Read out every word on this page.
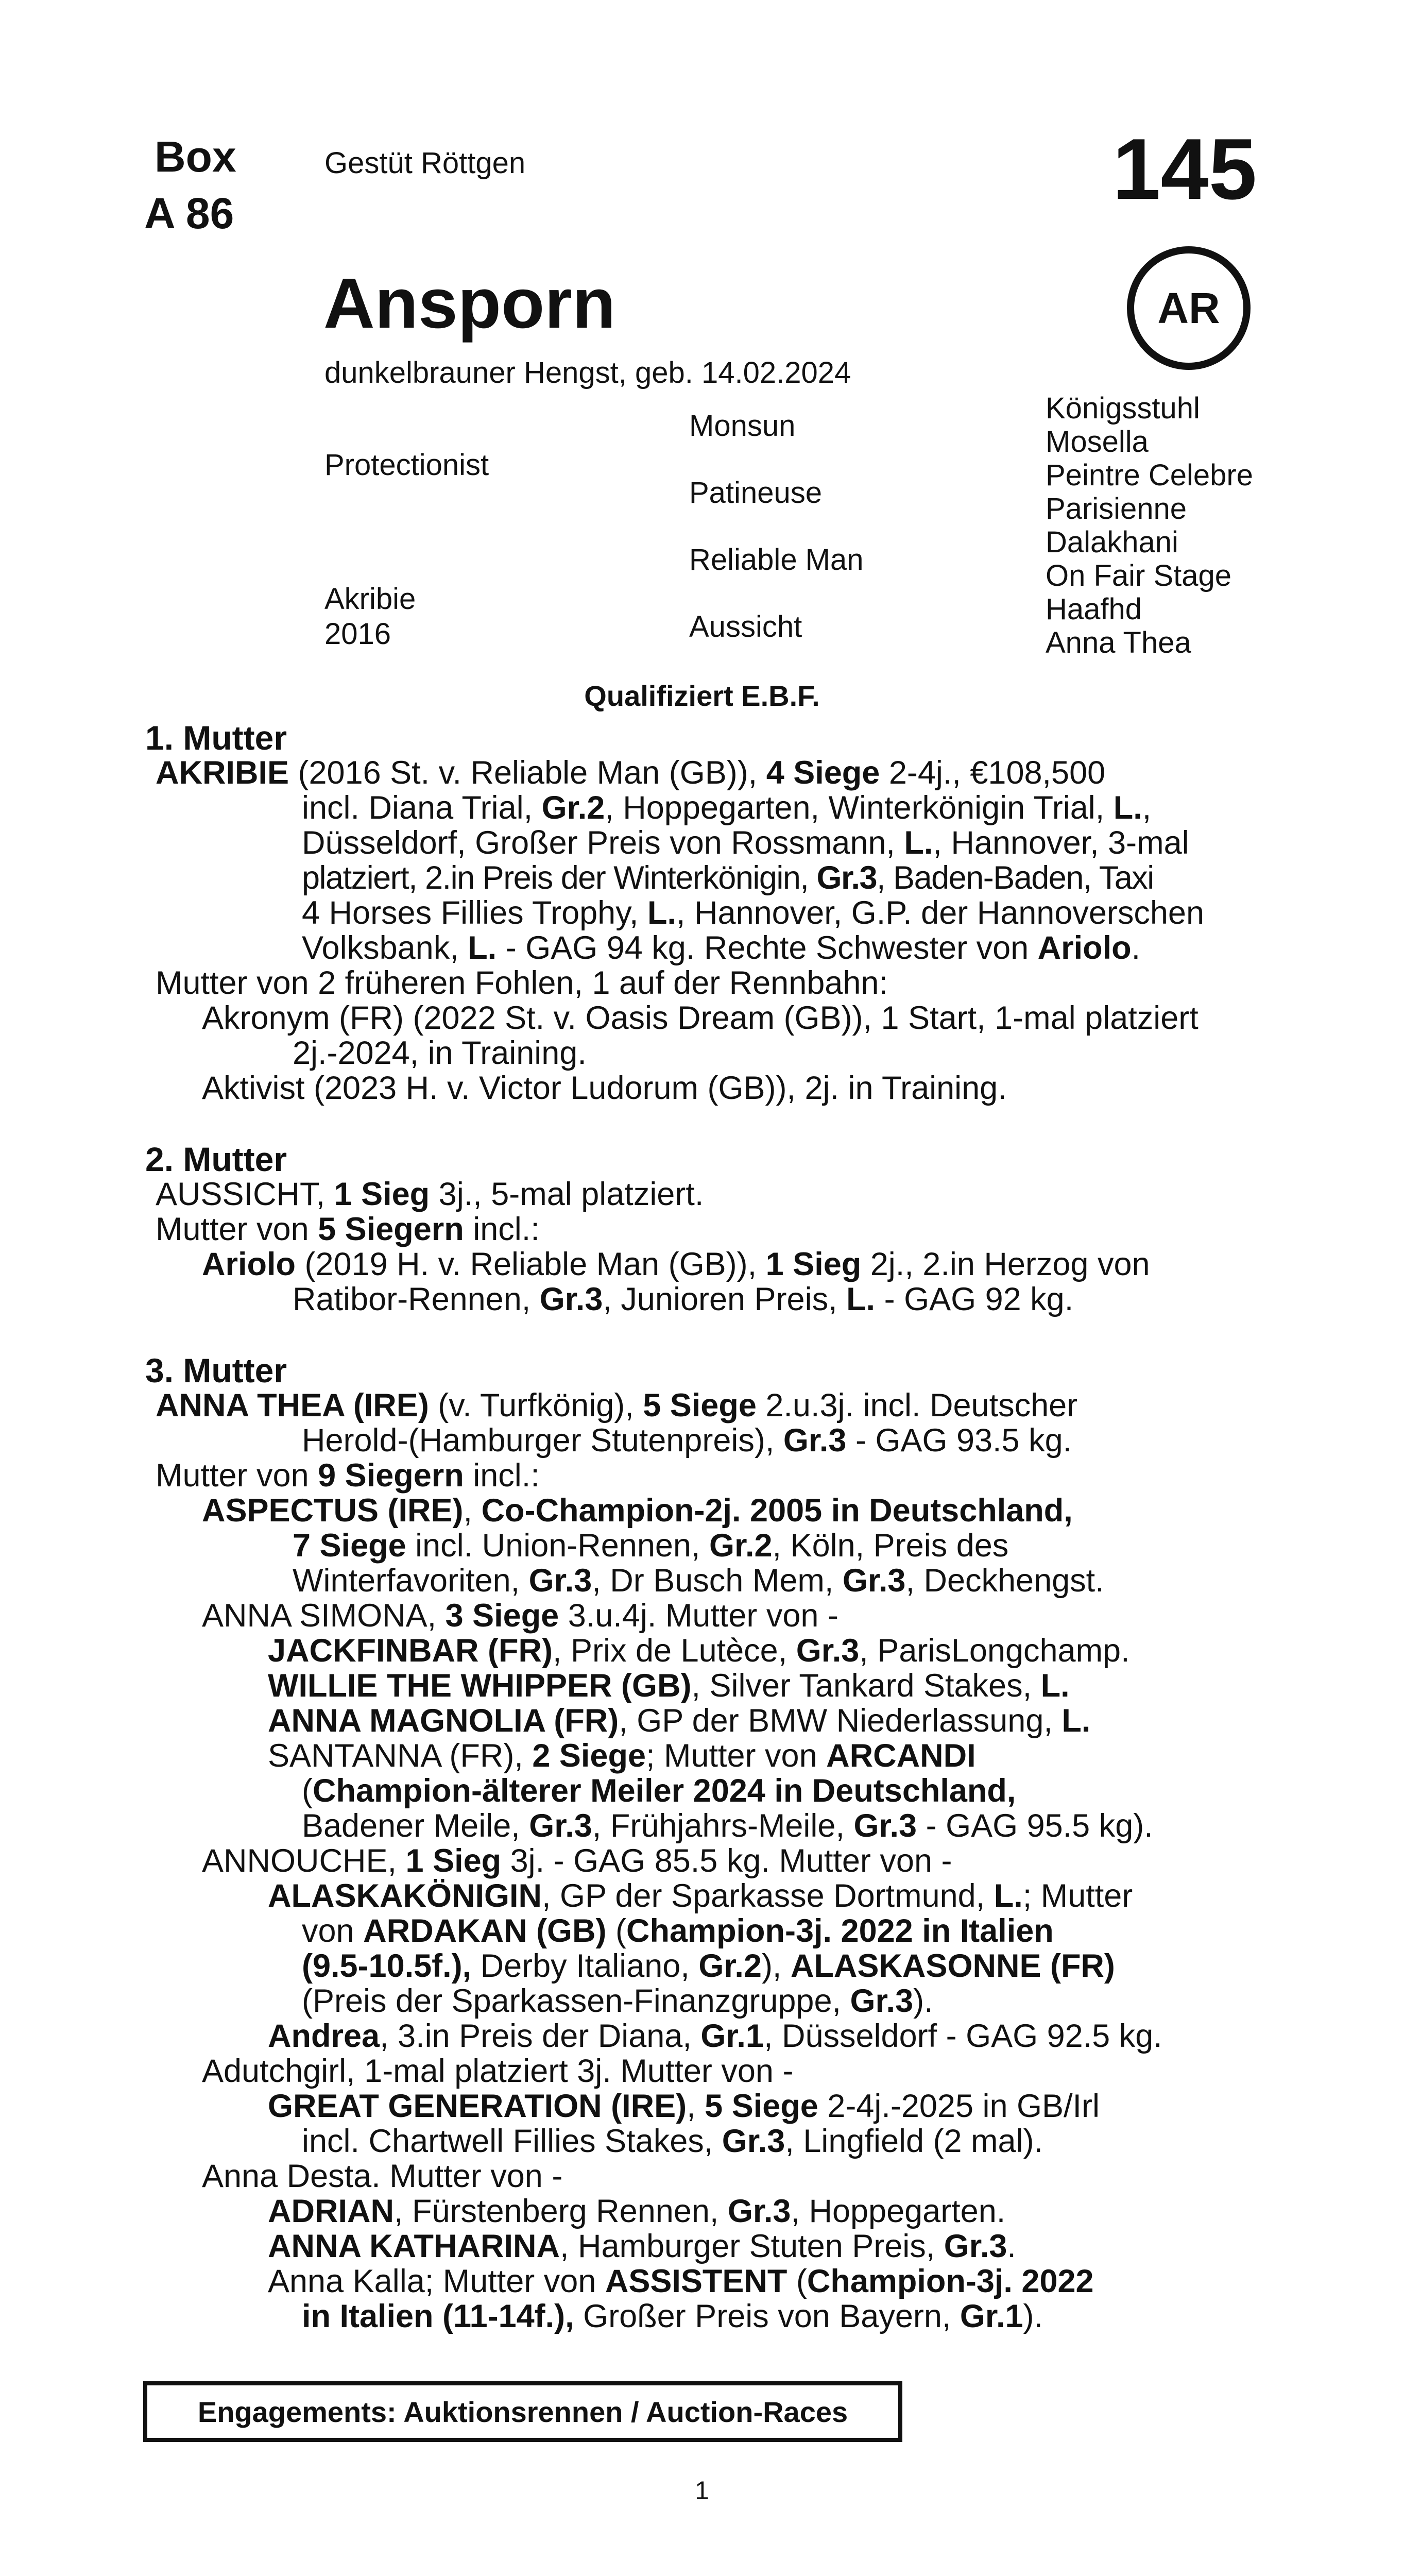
Box
A 86
Gestüt Röttgen	145
Ansporn	AR
dunkelbrauner Hengst, geb. 14.02.2024
Protectionist
Akribie
2016
Monsun
Patineuse
Reliable Man
Aussicht
Königsstuhl
Mosella
Peintre Celebre
Parisienne
Dalakhani
On Fair Stage
Haafhd
Anna Thea
Qualifiziert E.B.F.
1. Mutter
AKRIBIE (2016 St. v. Reliable Man (GB)), 4 Siege 2-4j., €108,500
incl. Diana Trial, Gr.2, Hoppegarten, Winterkönigin Trial, L.,
Düsseldorf, Großer Preis von Rossmann, L., Hannover, 3-mal
platziert, 2.in Preis der Winterkönigin, Gr.3, Baden-Baden, Taxi
4 Horses Fillies Trophy, L., Hannover, G.P. der Hannoverschen
Volksbank, L. - GAG 94 kg. Rechte Schwester von Ariolo.
Mutter von 2 früheren Fohlen, 1 auf der Rennbahn:
Akronym (FR) (2022 St. v. Oasis Dream (GB)), 1 Start, 1-mal platziert
2j.-2024, in Training.
Aktivist (2023 H. v. Victor Ludorum (GB)), 2j. in Training.
2. Mutter
AUSSICHT, 1 Sieg 3j., 5-mal platziert.
Mutter von 5 Siegern incl.:
Ariolo (2019 H. v. Reliable Man (GB)), 1 Sieg 2j., 2.in Herzog von
Ratibor-Rennen, Gr.3, Junioren Preis, L. - GAG 92 kg.
3. Mutter
ANNA THEA (IRE) (v. Turfkönig), 5 Siege 2.u.3j. incl. Deutscher
Herold-(Hamburger Stutenpreis), Gr.3 - GAG 93.5 kg.
Mutter von 9 Siegern incl.:
ASPECTUS (IRE), Co-Champion-2j. 2005 in Deutschland,
7 Siege incl. Union-Rennen, Gr.2, Köln, Preis des
Winterfavoriten, Gr.3, Dr Busch Mem, Gr.3, Deckhengst.
ANNA SIMONA, 3 Siege 3.u.4j. Mutter von -
JACKFINBAR (FR), Prix de Lutèce, Gr.3, ParisLongchamp.
WILLIE THE WHIPPER (GB), Silver Tankard Stakes, L.
ANNA MAGNOLIA (FR), GP der BMW Niederlassung, L.
SANTANNA (FR), 2 Siege; Mutter von ARCANDI
(Champion-älterer Meiler 2024 in Deutschland,
Badener Meile, Gr.3, Frühjahrs-Meile, Gr.3 - GAG 95.5 kg).
ANNOUCHE, 1 Sieg 3j. - GAG 85.5 kg. Mutter von -
ALASKAKÖNIGIN, GP der Sparkasse Dortmund, L.; Mutter
von ARDAKAN (GB) (Champion-3j. 2022 in Italien
(9.5-10.5f.), Derby Italiano, Gr.2), ALASKASONNE (FR)
(Preis der Sparkassen-Finanzgruppe, Gr.3).
Andrea, 3.in Preis der Diana, Gr.1, Düsseldorf - GAG 92.5 kg.
Adutchgirl, 1-mal platziert 3j. Mutter von -
GREAT GENERATION (IRE), 5 Siege 2-4j.-2025 in GB/Irl
incl. Chartwell Fillies Stakes, Gr.3, Lingfield (2 mal).
Anna Desta. Mutter von -
ADRIAN, Fürstenberg Rennen, Gr.3, Hoppegarten.
ANNA KATHARINA, Hamburger Stuten Preis, Gr.3.
Anna Kalla; Mutter von ASSISTENT (Champion-3j. 2022
in Italien (11-14f.), Großer Preis von Bayern, Gr.1).
Engagements: Auktionsrennen / Auction-Races
1
